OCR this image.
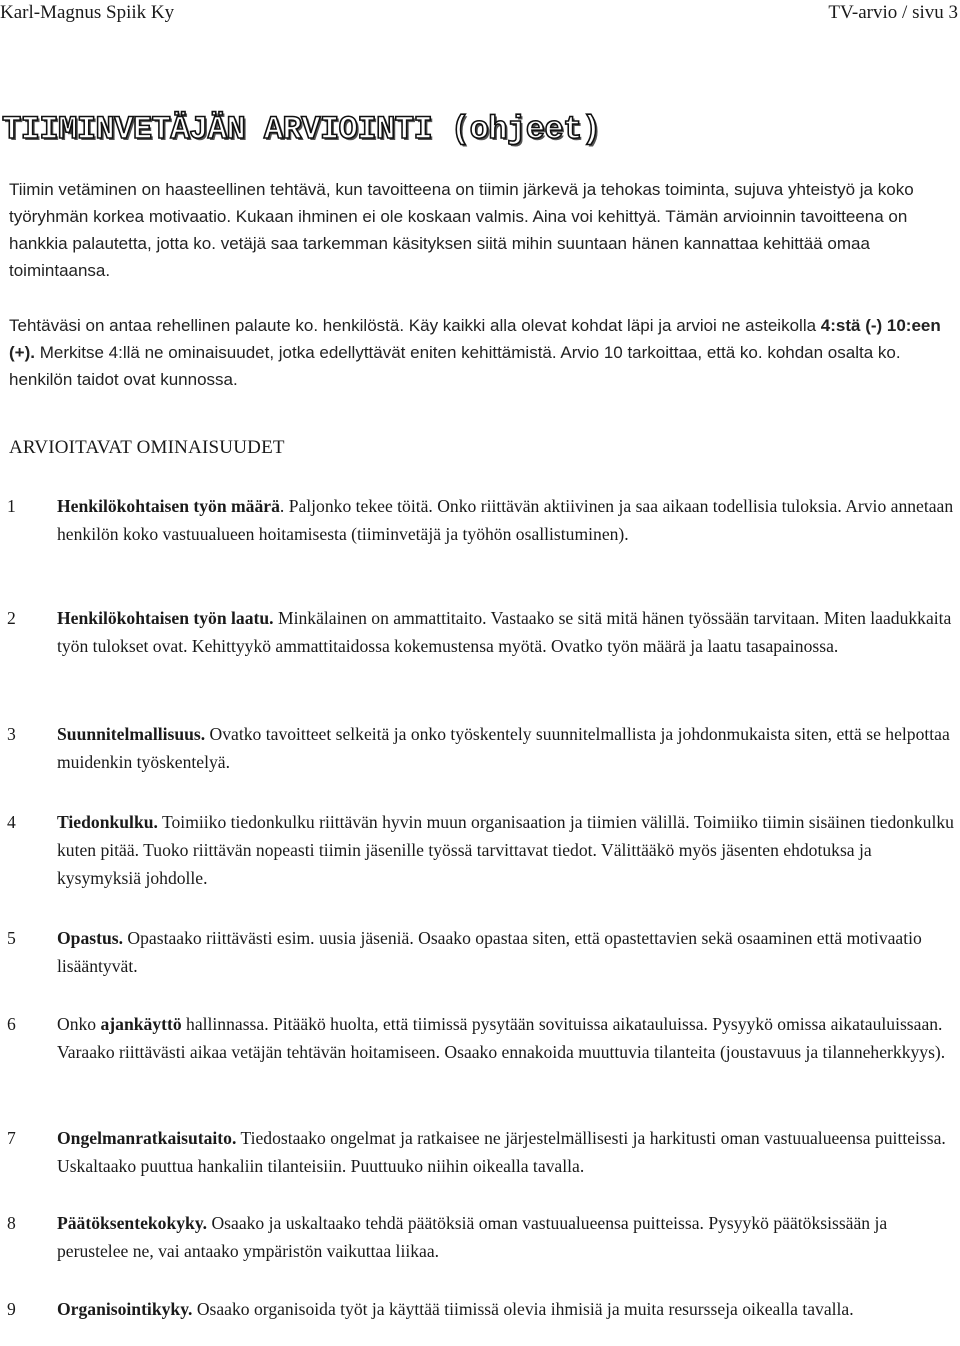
Karl-Magnus Spiik Ky	TV-arvio / sivu 3
TIIMINVETÄJÄN ARVIOINTI (ohjeet)

Tiimin vetäminen on haasteellinen tehtävä, kun tavoitteena on tiimin järkevä ja tehokas toiminta, sujuva yhteistyö ja koko työryhmän korkea motivaatio. Kukaan ihminen ei ole koskaan valmis. Aina voi kehittyä. Tämän arvioinnin tavoitteena on hankkia palautetta, jotta ko. vetäjä saa tarkemman käsityksen siitä mihin suuntaan hänen kannattaa kehittää omaa toimintaansa.

Tehtäväsi on antaa rehellinen palaute ko. henkilöstä. Käy kaikki alla olevat kohdat läpi ja arvioi ne asteikolla 4:stä (-) 10:een (+). Merkitse 4:llä ne ominaisuudet, jotka edellyttävät eniten kehittämistä. Arvio 10 tarkoittaa, että ko. kohdan osalta ko. henkilön taidot ovat kunnossa.

ARVIOITAVAT OMINAISUUDET
1	Henkilökohtaisen työn määrä. Paljonko tekee töitä. Onko riittävän aktiivinen ja saa aikaan todellisia tuloksia. Arvio annetaan henkilön koko vastuualueen hoitamisesta (tiiminvetäjä ja työhön osallistuminen).
2	Henkilökohtaisen työn laatu. Minkälainen on ammattitaito. Vastaako se sitä mitä hänen työssään tarvitaan. Miten laadukkaita työn tulokset ovat. Kehittyykö ammattitaidossa kokemustensa myötä. Ovatko työn määrä ja laatu tasapainossa.
3	Suunnitelmallisuus. Ovatko tavoitteet selkeitä ja onko työskentely suunnitelmallista ja johdonmukaista siten, että se helpottaa muidenkin työskentelyä.
4	Tiedonkulku. Toimiiko tiedonkulku riittävän hyvin muun organisaation ja tiimien välillä. Toimiiko tiimin sisäinen tiedonkulku kuten pitää. Tuoko riittävän nopeasti tiimin jäsenille työssä tarvittavat tiedot. Välittääkö myös jäsenten ehdotuksa ja kysymyksiä johdolle.
5	Opastus. Opastaako riittävästi esim. uusia jäseniä. Osaako opastaa siten, että opastettavien sekä osaaminen että motivaatio lisääntyvät.
6	Onko ajankäyttö hallinnassa. Pitääkö huolta, että tiimissä pysytään sovituissa aikatauluissa. Pysyykö omissa aikatauluissaan. Varaako riittävästi aikaa vetäjän tehtävän hoitamiseen. Osaako ennakoida muuttuvia tilanteita (joustavuus ja tilanneherkkyys).
7	Ongelmanratkaisutaito. Tiedostaako ongelmat ja ratkaisee ne järjestelmällisesti ja harkitusti oman vastuualueensa puitteissa. Uskaltaako puuttua hankaliin tilanteisiin. Puuttuuko niihin oikealla tavalla.
8	Päätöksentekokyky. Osaako ja uskaltaako tehdä päätöksiä oman vastuualueensa puitteissa. Pysyykö päätöksissään ja perustelee ne, vai antaako ympäristön vaikuttaa liikaa.
9	Organisointikyky. Osaako organisoida työt ja käyttää tiimissä olevia ihmisiä ja muita resursseja oikealla tavalla.
